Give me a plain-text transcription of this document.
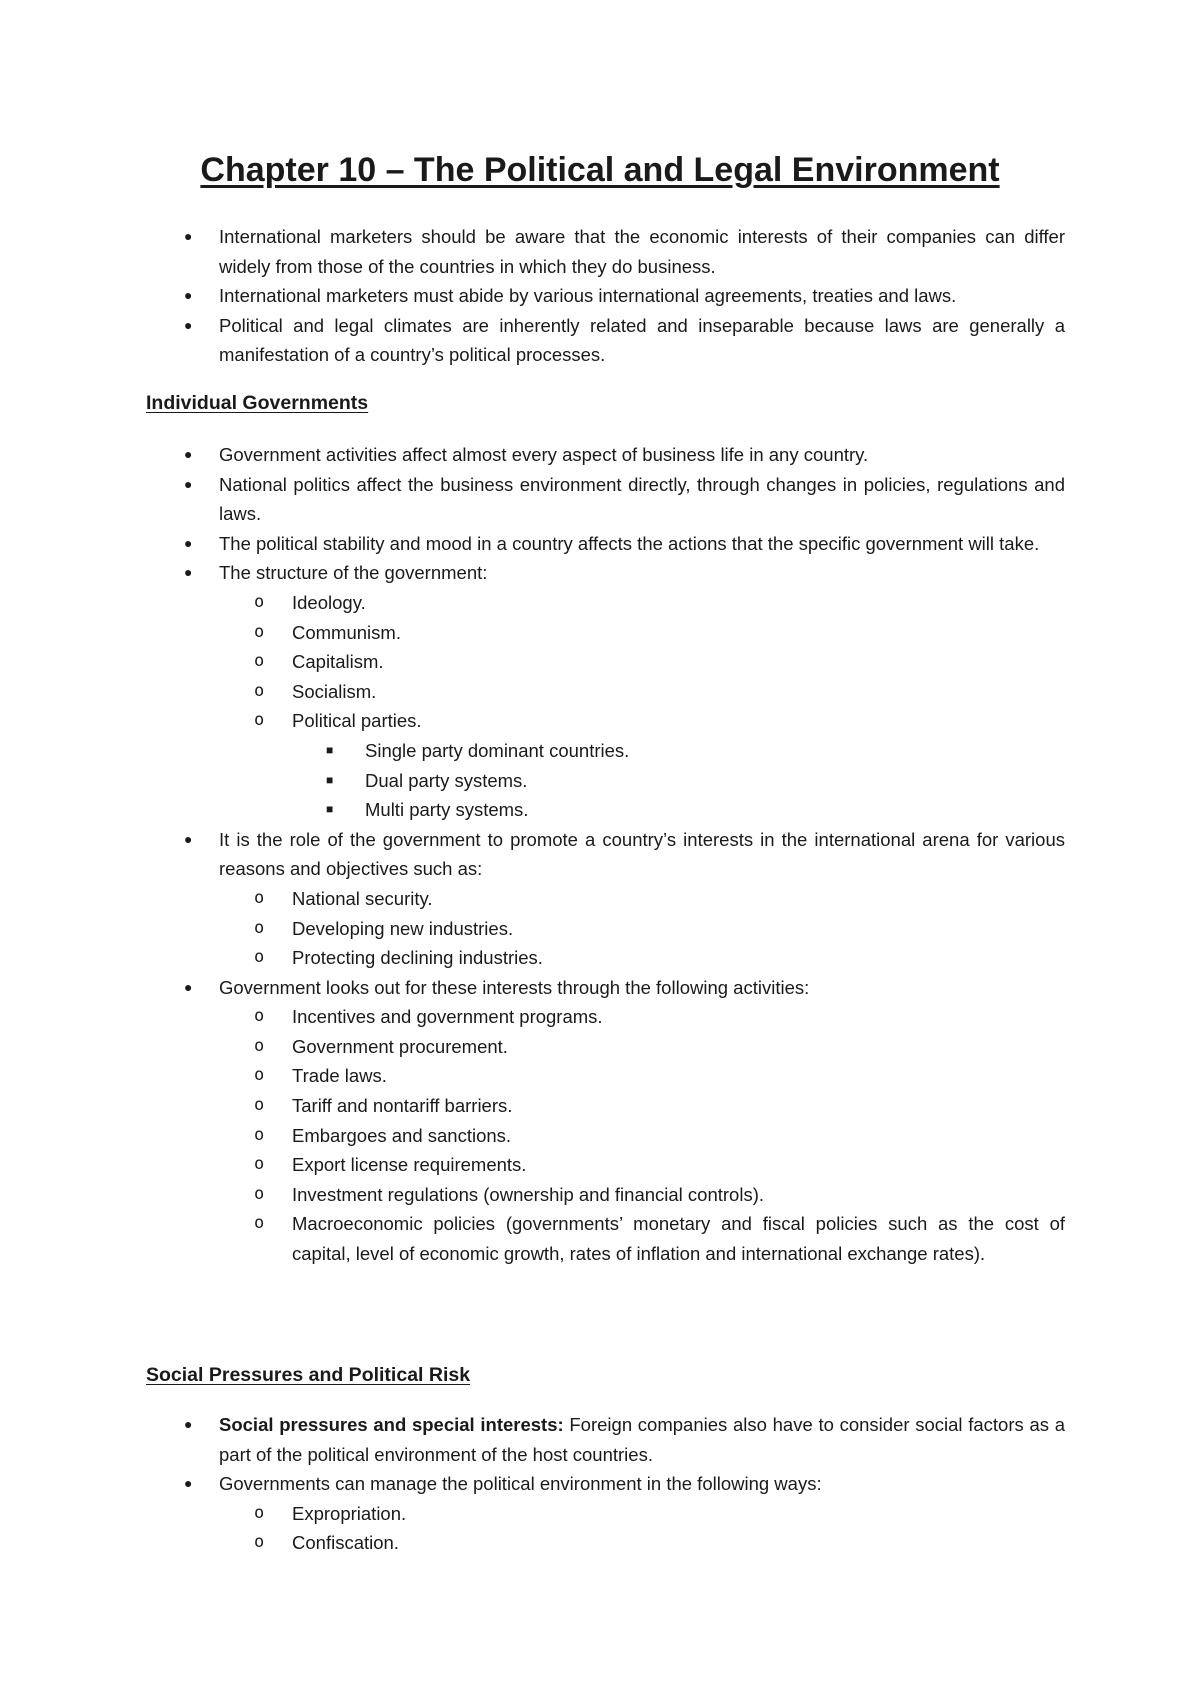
Chapter 10 – The Political and Legal Environment
● International marketers should be aware that the economic interests of their companies can differ widely from those of the countries in which they do business.
● International marketers must abide by various international agreements, treaties and laws.
● Political and legal climates are inherently related and inseparable because laws are generally a manifestation of a country’s political processes.
Individual Governments
● Government activities affect almost every aspect of business life in any country.
● National politics affect the business environment directly, through changes in policies, regulations and laws.
● The political stability and mood in a country affects the actions that the specific government will take.
● The structure of the government:
o Ideology.
o Communism.
o Capitalism.
o Socialism.
o Political parties.
■ Single party dominant countries.
■ Dual party systems.
■ Multi party systems.
● It is the role of the government to promote a country’s interests in the international arena for various reasons and objectives such as:
o National security.
o Developing new industries.
o Protecting declining industries.
● Government looks out for these interests through the following activities:
o Incentives and government programs.
o Government procurement.
o Trade laws.
o Tariff and nontariff barriers.
o Embargoes and sanctions.
o Export license requirements.
o Investment regulations (ownership and financial controls).
o Macroeconomic policies (governments’ monetary and fiscal policies such as the cost of capital, level of economic growth, rates of inflation and international exchange rates).
Social Pressures and Political Risk
● Social pressures and special interests: Foreign companies also have to consider social factors as a part of the political environment of the host countries.
● Governments can manage the political environment in the following ways:
o Expropriation.
o Confiscation.
